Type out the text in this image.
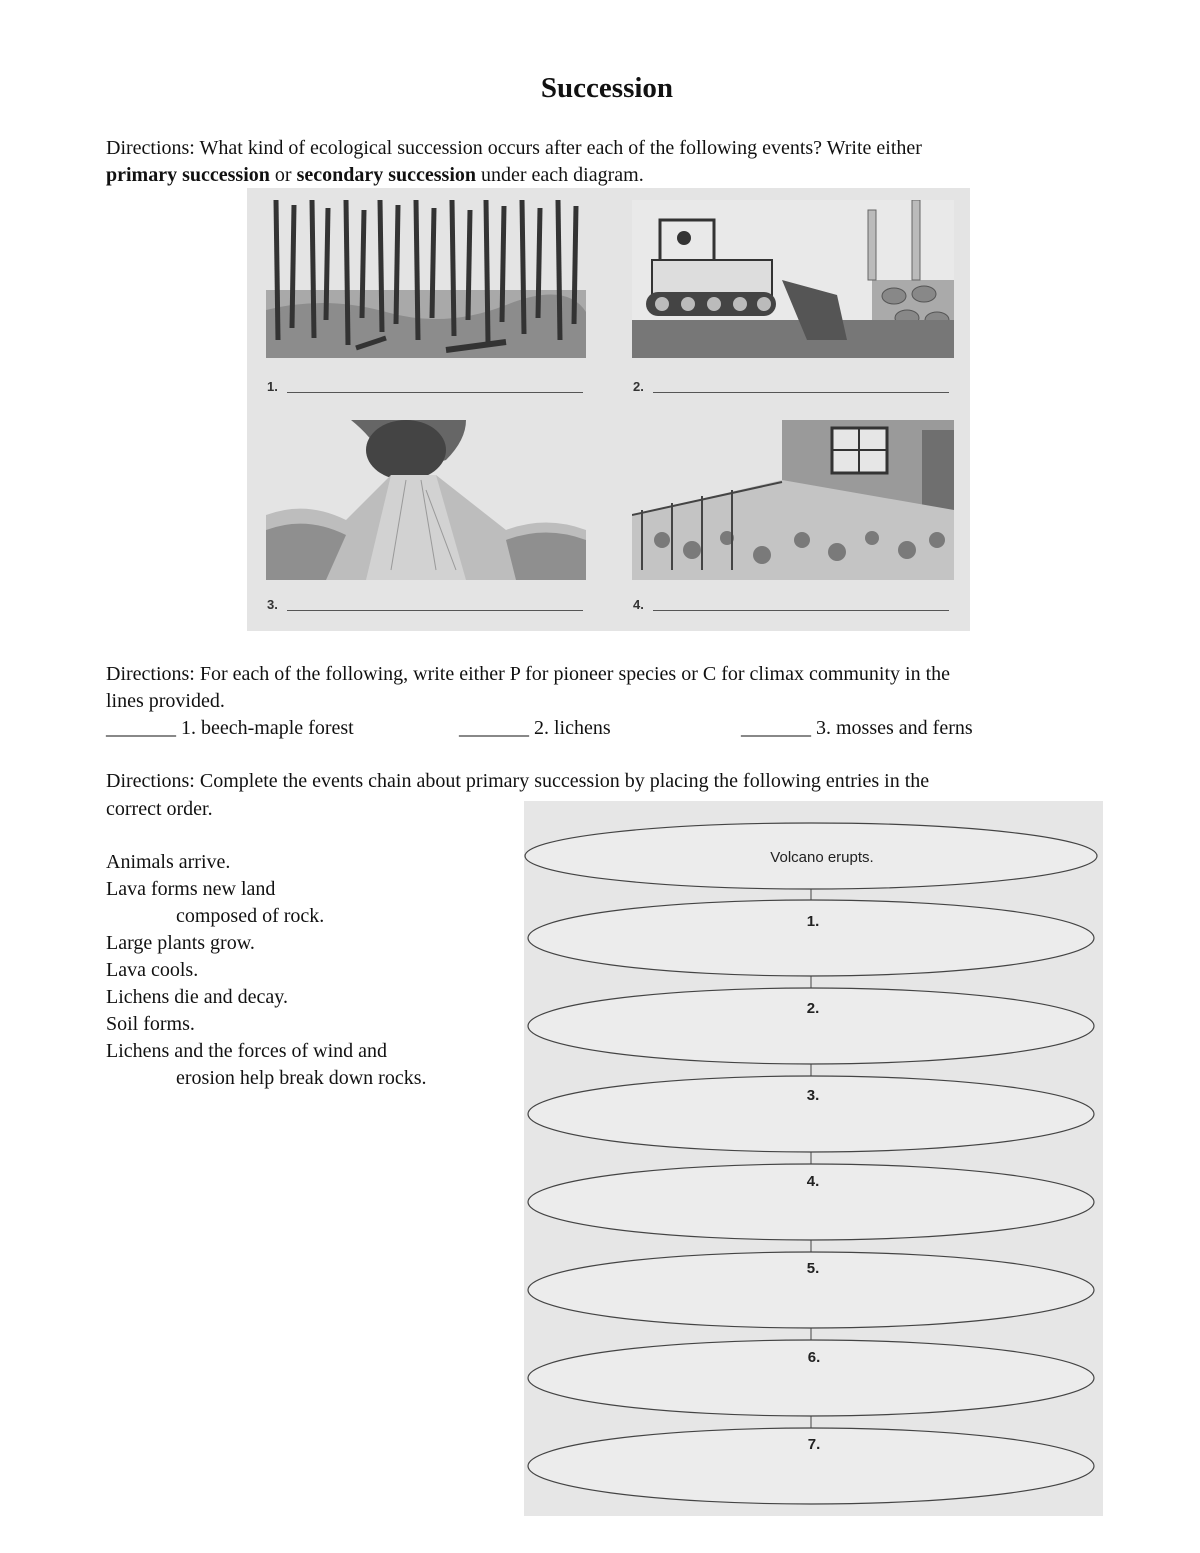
Succession
Directions: What kind of ecological succession occurs after each of the following events? Write either
primary succession or secondary succession under each diagram.
1.	2.
3.	4.
Directions: For each of the following, write either P for pioneer species or C for climax community in the
lines provided.
_______ 1. beech-maple forest	_______ 2. lichens	_______ 3. mosses and ferns
Directions: Complete the events chain about primary succession by placing the following entries in the
correct order.
Animals arrive.
Lava forms new land
composed of rock.
Large plants grow.
Lava cools.
Lichens die and decay.
Soil forms.
Lichens and the forces of wind and
erosion help break down rocks.
Volcano erupts.
1.
2.
3.
4.
5.
6.
7.
